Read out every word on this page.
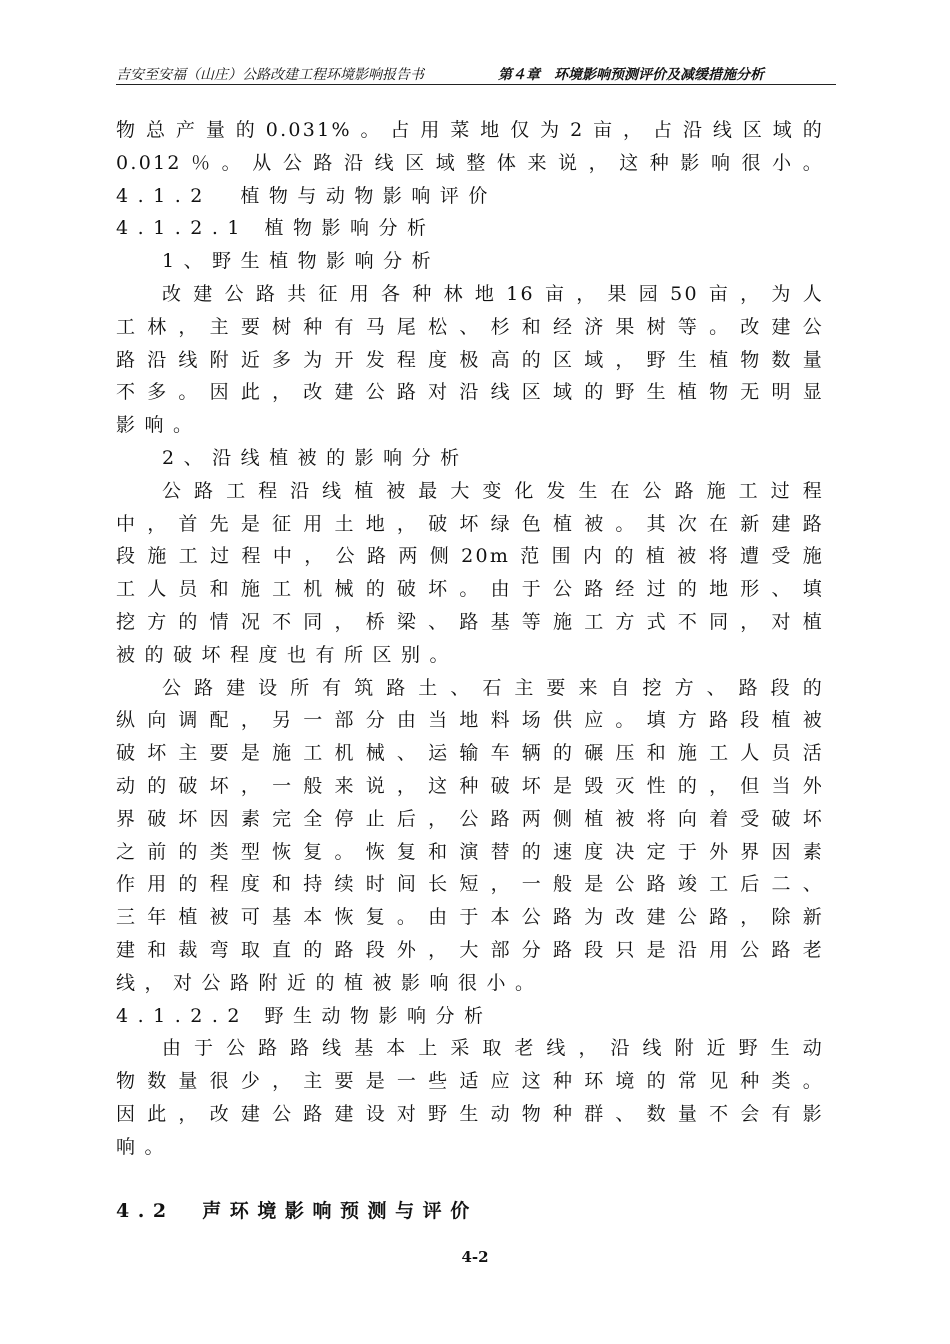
吉安至安福（山庄）公路改建工程环境影响报告书	第４章　环境影响预测评价及减缓措施分析
物总产量的0.031%。占用菜地仅为2亩，占沿线区域的
0.012％。从公路沿线区域整体来说，这种影响很小。
4.1.2　植物与动物影响评价
4.1.2.1 植物影响分析
1、野生植物影响分析
改建公路共征用各种林地16亩，果园50亩，为人
工林，主要树种有马尾松、杉和经济果树等。改建公
路沿线附近多为开发程度极高的区域，野生植物数量
不多。因此，改建公路对沿线区域的野生植物无明显
影响。
2、沿线植被的影响分析
公路工程沿线植被最大变化发生在公路施工过程
中，首先是征用土地，破坏绿色植被。其次在新建路
段施工过程中，公路两侧20m范围内的植被将遭受施
工人员和施工机械的破坏。由于公路经过的地形、填
挖方的情况不同，桥梁、路基等施工方式不同，对植
被的破坏程度也有所区别。
公路建设所有筑路土、石主要来自挖方、路段的
纵向调配，另一部分由当地料场供应。填方路段植被
破坏主要是施工机械、运输车辆的碾压和施工人员活
动的破坏，一般来说，这种破坏是毁灭性的，但当外
界破坏因素完全停止后，公路两侧植被将向着受破坏
之前的类型恢复。恢复和演替的速度决定于外界因素
作用的程度和持续时间长短，一般是公路竣工后二、
三年植被可基本恢复。由于本公路为改建公路，除新
建和裁弯取直的路段外，大部分路段只是沿用公路老
线，对公路附近的植被影响很小。
4.1.2.2 野生动物影响分析
由于公路路线基本上采取老线，沿线附近野生动
物数量很少，主要是一些适应这种环境的常见种类。
因此，改建公路建设对野生动物种群、数量不会有影
响。
4.2　声环境影响预测与评价
4-2
